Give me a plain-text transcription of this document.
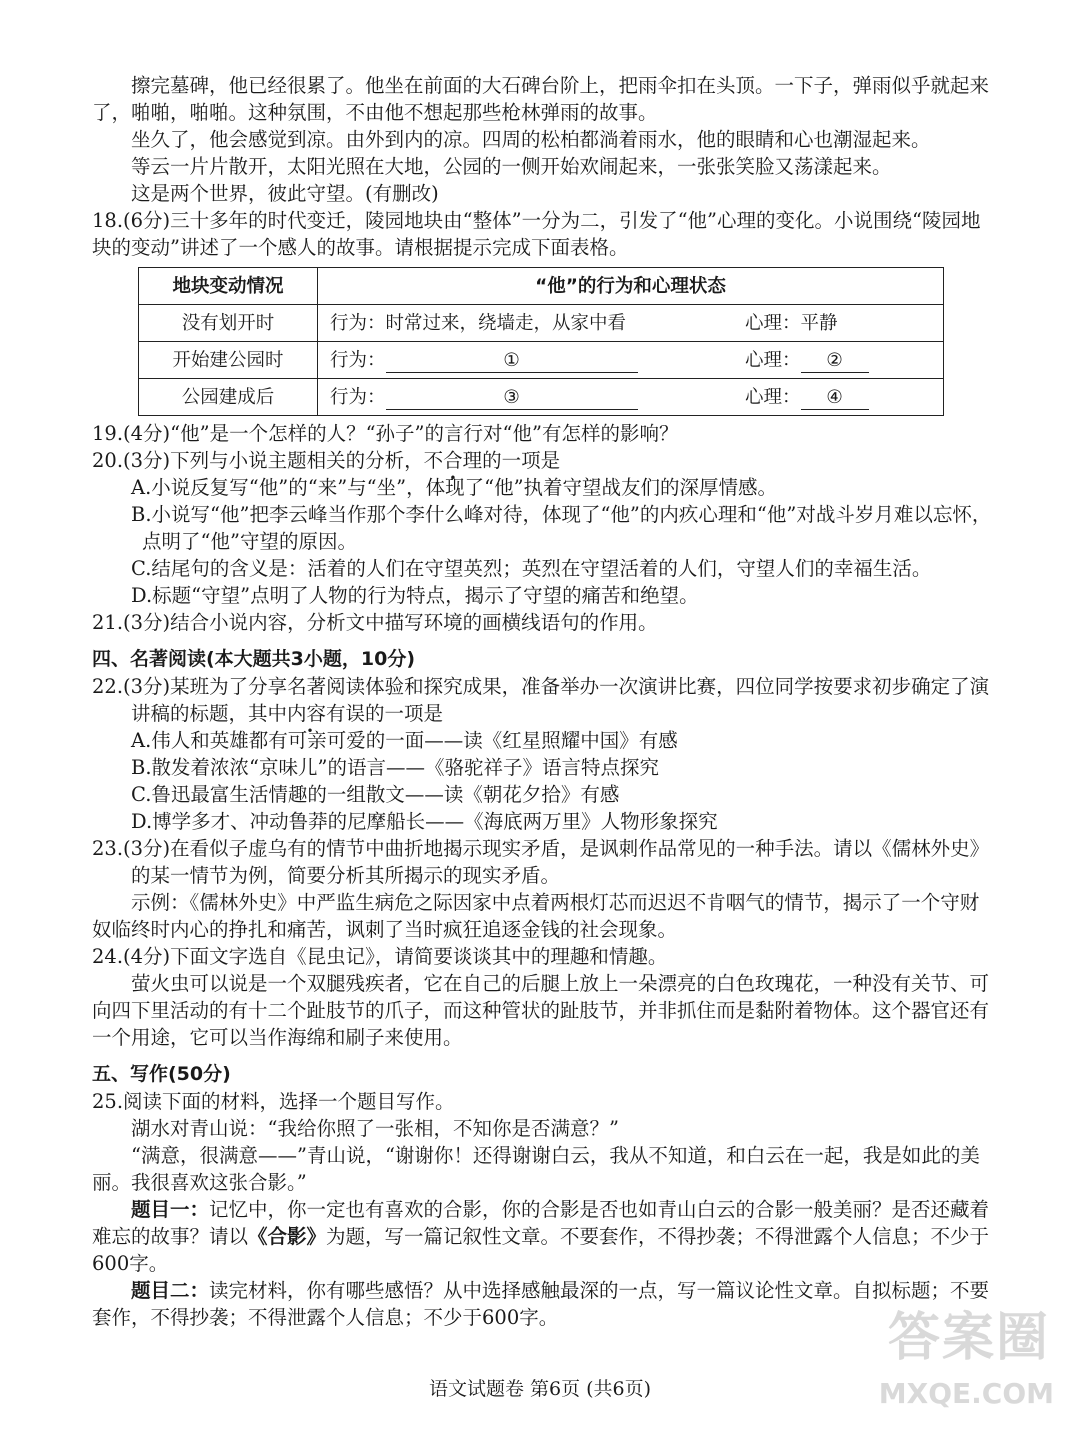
擦完墓碑，他已经很累了。他坐在前面的大石碑台阶上，把雨伞扣在头顶。一下子，弹雨似乎就起来了，啪啪，啪啪。这种氛围，不由他不想起那些枪林弹雨的故事。

坐久了，他会感觉到凉。由外到内的凉。四周的松柏都淌着雨水，他的眼睛和心也潮湿起来。

等云一片片散开，太阳光照在大地，公园的一侧开始欢闹起来，一张张笑脸又荡漾起来。

这是两个世界，彼此守望。(有删改)

18.(6分)三十多年的时代变迁，陵园地块由“整体”一分为二，引发了“他”心理的变化。小说围绕“陵园地块的变动”讲述了一个感人的故事。请根据提示完成下面表格。

地块变动情况	“他”的行为和心理状态
没有划开时	行为：时常过来，绕墙走，从家中看 心理：平静

开始建公园时	行为： ① 心理： ②

公园建成后	行为： ③ 心理： ④

19.(4分)“他”是一个怎样的人？“孙子”的言行对“他”有怎样的影响？

20.(3分)下列与小说主题相关的分析，不合理的一项是

A.小说反复写“他”的“来”与“坐”，体现了“他”执着守望战友们的深厚情感。

B.小说写“他”把李云峰当作那个李什么峰对待，体现了“他”的内疚心理和“他”对战斗岁月难以忘怀，点明了“他”守望的原因。

C.结尾句的含义是：活着的人们在守望英烈；英烈在守望活着的人们，守望人们的幸福生活。

D.标题“守望”点明了人物的行为特点，揭示了守望的痛苦和绝望。

21.(3分)结合小说内容，分析文中描写环境的画横线语句的作用。

四、名著阅读(本大题共3小题，10分)

22.(3分)某班为了分享名著阅读体验和探究成果，准备举办一次演讲比赛，四位同学按要求初步确定了演讲稿的标题，其中内容有误的一项是

A.伟人和英雄都有可亲可爱的一面——读《红星照耀中国》有感

B.散发着浓浓“京味儿”的语言——《骆驼祥子》语言特点探究

C.鲁迅最富生活情趣的一组散文——读《朝花夕拾》有感

D.博学多才、冲动鲁莽的尼摩船长——《海底两万里》人物形象探究

23.(3分)在看似子虚乌有的情节中曲折地揭示现实矛盾，是讽刺作品常见的一种手法。请以《儒林外史》的某一情节为例，简要分析其所揭示的现实矛盾。

示例：《儒林外史》中严监生病危之际因家中点着两根灯芯而迟迟不肯咽气的情节，揭示了一个守财奴临终时内心的挣扎和痛苦，讽刺了当时疯狂追逐金钱的社会现象。

24.(4分)下面文字选自《昆虫记》，请简要谈谈其中的理趣和情趣。

萤火虫可以说是一个双腿残疾者，它在自己的后腿上放上一朵漂亮的白色玫瑰花，一种没有关节、可向四下里活动的有十二个趾肢节的爪子，而这种管状的趾肢节，并非抓住而是黏附着物体。这个器官还有一个用途，它可以当作海绵和刷子来使用。

五、写作(50分)

25.阅读下面的材料，选择一个题目写作。

湖水对青山说：“我给你照了一张相，不知你是否满意？”

“满意，很满意——”青山说，“谢谢你！还得谢谢白云，我从不知道，和白云在一起，我是如此的美丽。我很喜欢这张合影。”

题目一：记忆中，你一定也有喜欢的合影，你的合影是否也如青山白云的合影一般美丽？是否还藏着难忘的故事？请以《合影》为题，写一篇记叙性文章。不要套作，不得抄袭；不得泄露个人信息；不少于600字。

题目二：读完材料，你有哪些感悟？从中选择感触最深的一点，写一篇议论性文章。自拟标题；不要套作，不得抄袭；不得泄露个人信息；不少于600字。

语文试题卷 第6页 (共6页)
答案圈
MXQE.COM
